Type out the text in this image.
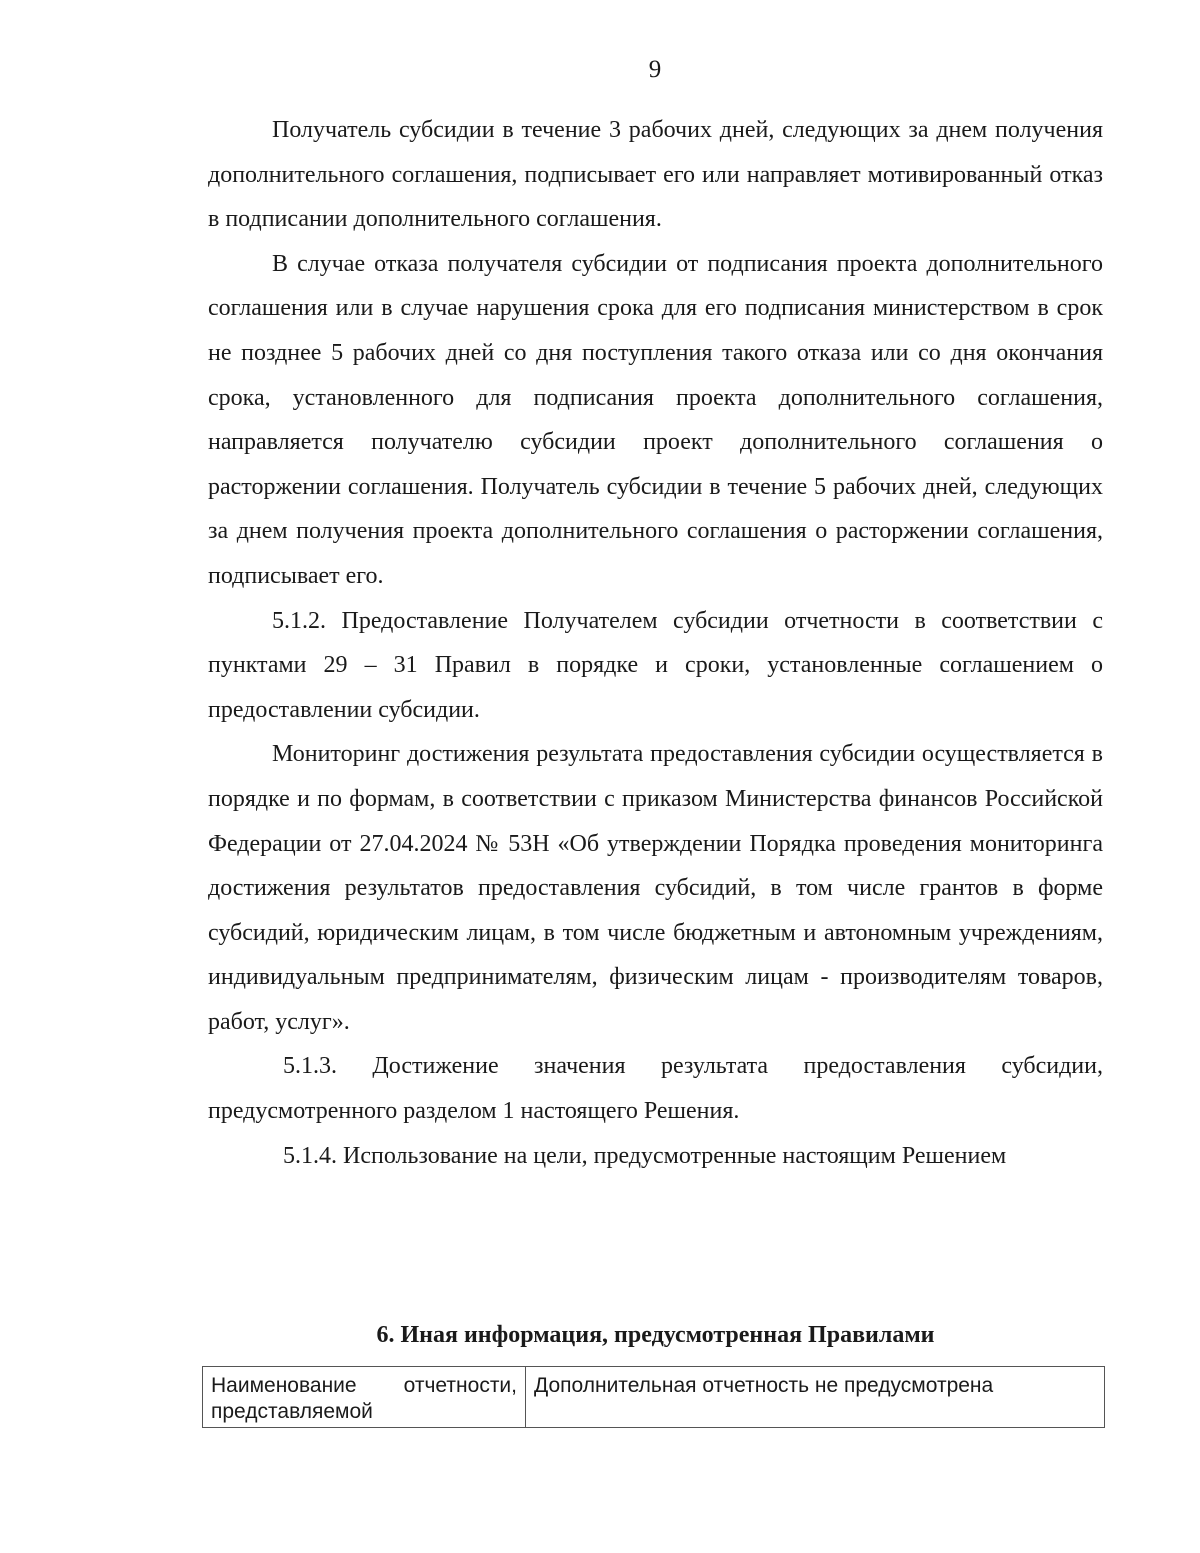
9

Получатель субсидии в течение 3 рабочих дней, следующих за днем получения дополнительного соглашения, подписывает его или направляет мотивированный отказ в подписании дополнительного соглашения.

В случае отказа получателя субсидии от подписания проекта дополнительного соглашения или в случае нарушения срока для его подписания министерством в срок не позднее 5 рабочих дней со дня поступления такого отказа или со дня окончания срока, установленного для подписания проекта дополнительного соглашения, направляется получателю субсидии проект дополнительного соглашения о расторжении соглашения. Получатель субсидии в течение 5 рабочих дней, следующих за днем получения проекта дополнительного соглашения о расторжении соглашения, подписывает его.

5.1.2. Предоставление Получателем субсидии отчетности в соответствии с пунктами 29 – 31 Правил в порядке и сроки, установленные соглашением о предоставлении субсидии.

Мониторинг достижения результата предоставления субсидии осуществляется в порядке и по формам, в соответствии с приказом Министерства финансов Российской Федерации от 27.04.2024 № 53Н «Об утверждении Порядка проведения мониторинга достижения результатов предоставления субсидий, в том числе грантов в форме субсидий, юридическим лицам, в том числе бюджетным и автономным учреждениям, индивидуальным предпринимателям, физическим лицам - производителям товаров, работ, услуг».

5.1.3. Достижение значения результата предоставления субсидии, предусмотренного разделом 1 настоящего Решения.

5.1.4. Использование на цели, предусмотренные настоящим Решением

6. Иная информация, предусмотренная Правилами
Наименование отчетности, представляемой	Дополнительная отчетность не предусмотрена
